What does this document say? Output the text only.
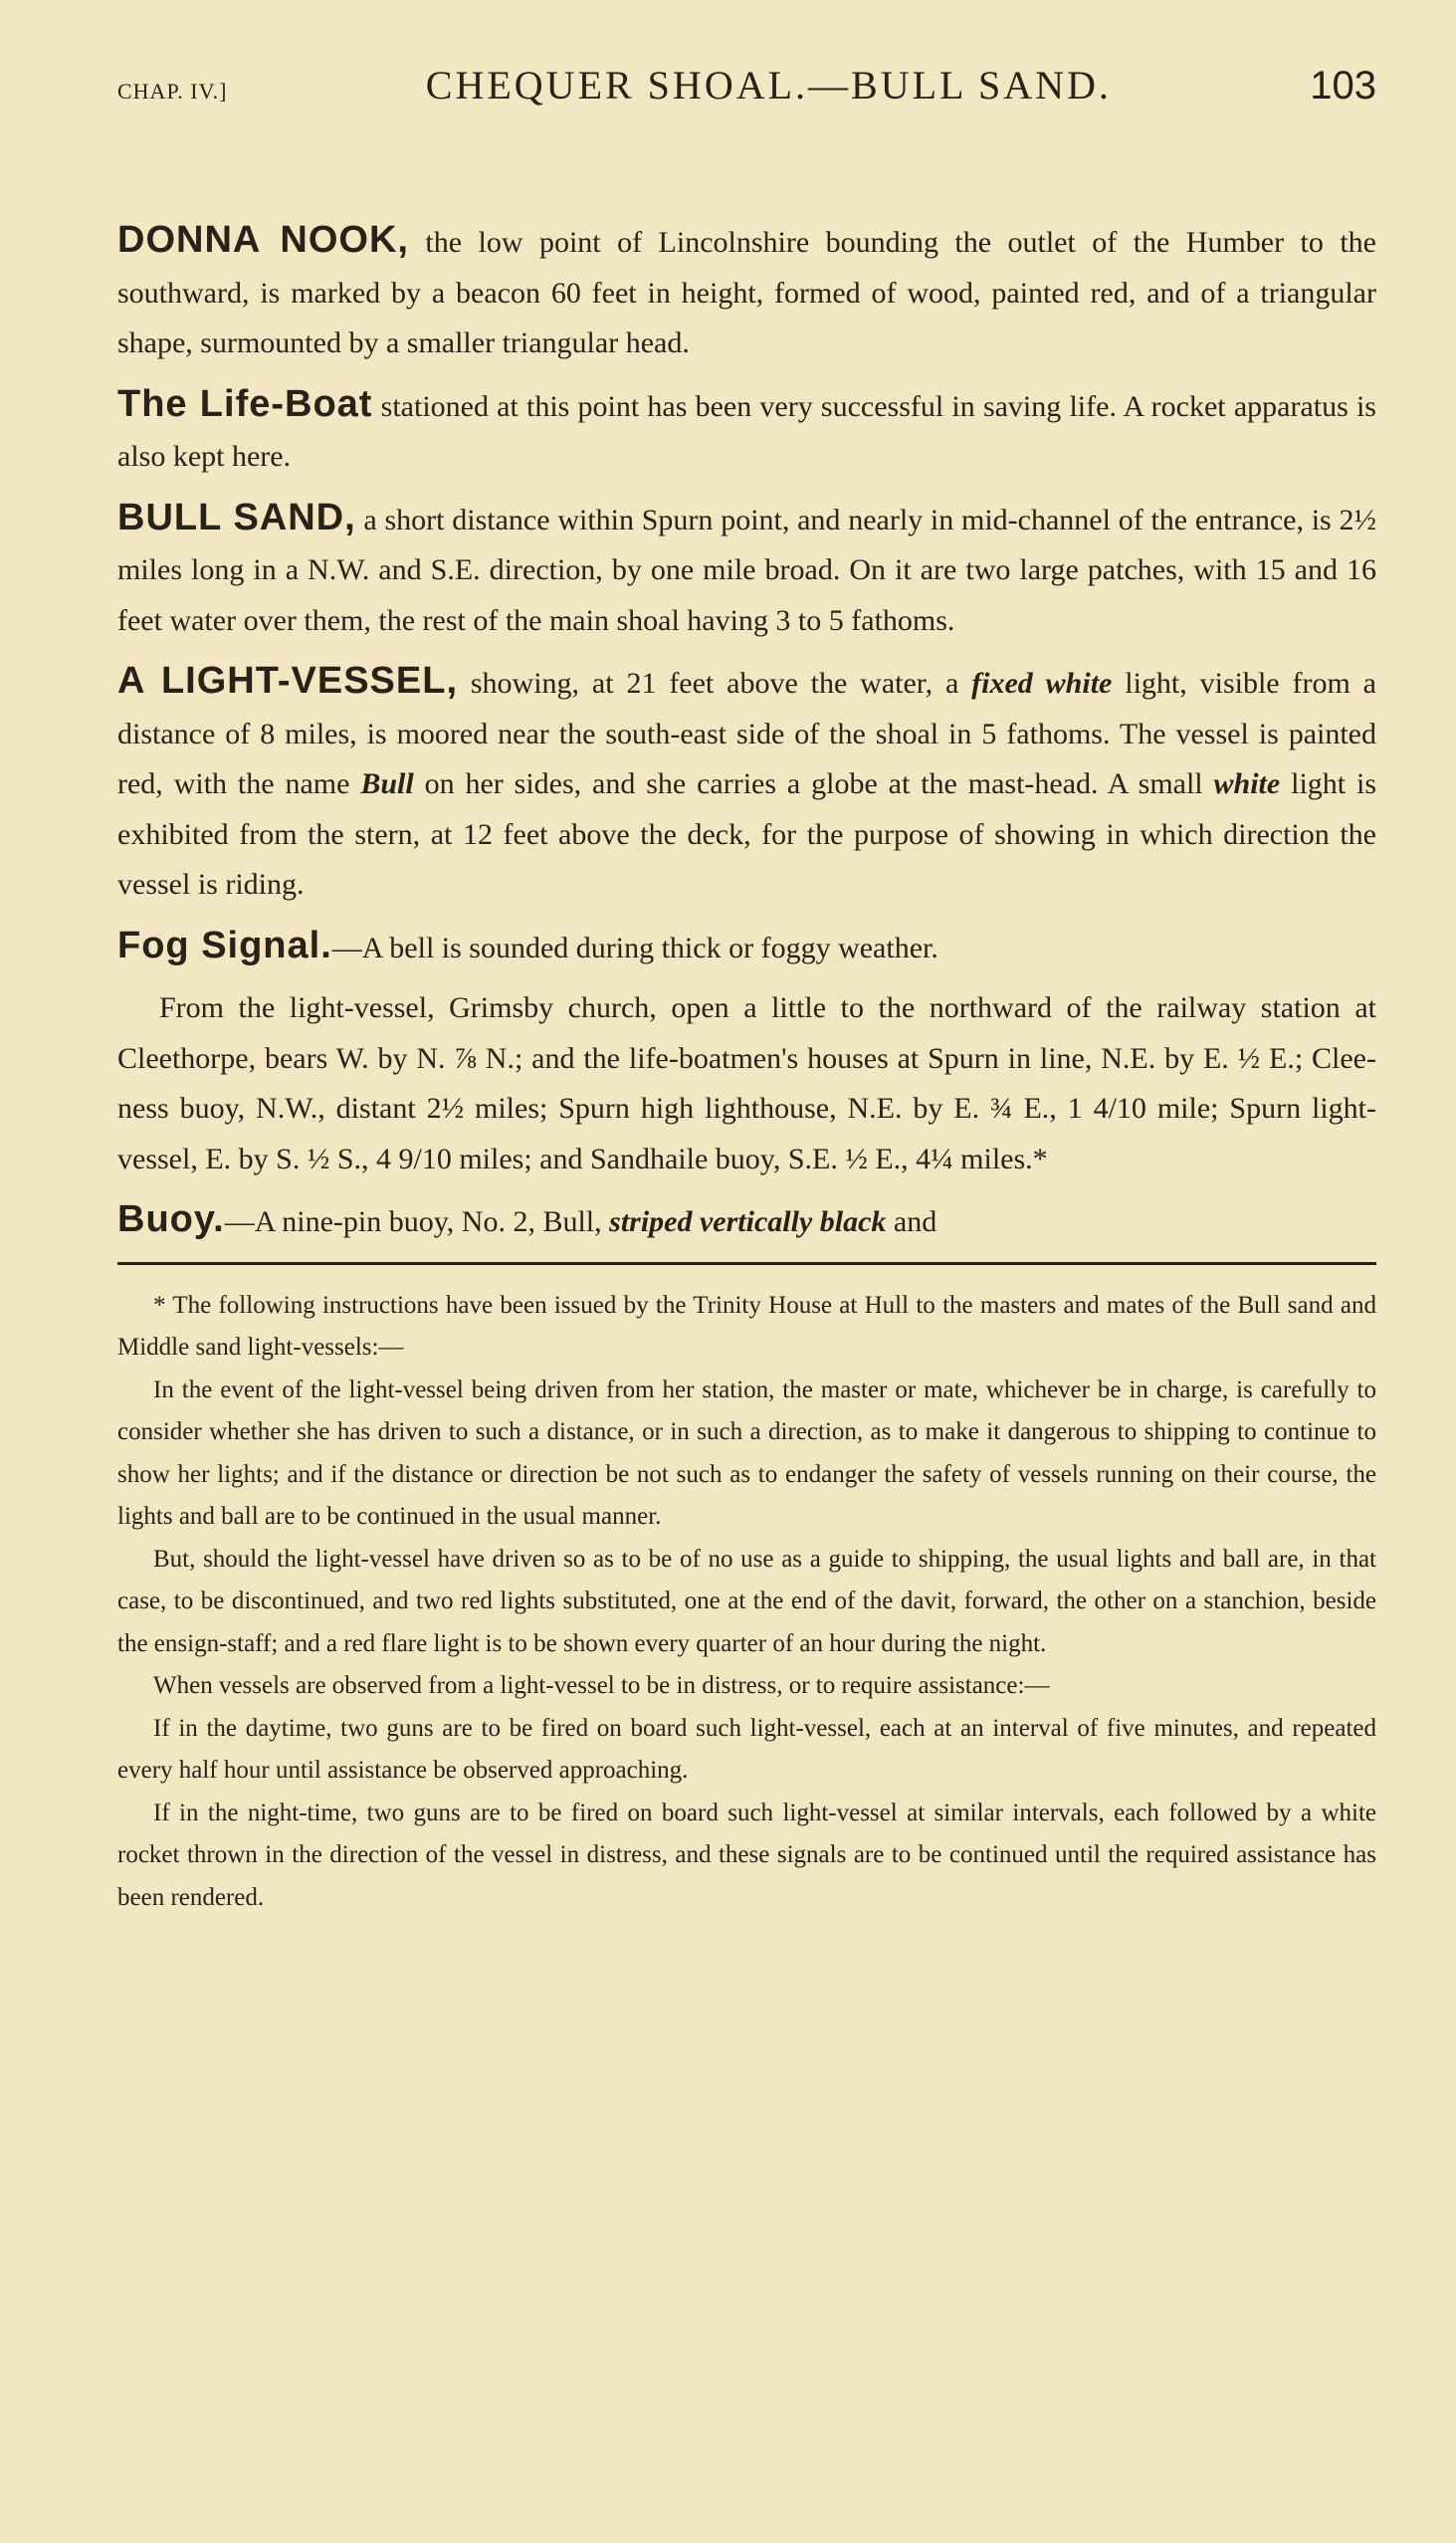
CHAP. IV.]	CHEQUER SHOAL.—BULL SAND.	103

DONNA NOOK, the low point of Lincolnshire bounding the outlet of the Humber to the southward, is marked by a beacon 60 feet in height, formed of wood, painted red, and of a triangular shape, surmounted by a smaller triangular head.

The Life-Boat stationed at this point has been very successful in saving life. A rocket apparatus is also kept here.

BULL SAND, a short distance within Spurn point, and nearly in mid-channel of the entrance, is 2½ miles long in a N.W. and S.E. direction, by one mile broad. On it are two large patches, with 15 and 16 feet water over them, the rest of the main shoal having 3 to 5 fathoms.

A LIGHT-VESSEL, showing, at 21 feet above the water, a fixed white light, visible from a distance of 8 miles, is moored near the south-east side of the shoal in 5 fathoms. The vessel is painted red, with the name Bull on her sides, and she carries a globe at the mast-head. A small white light is exhibited from the stern, at 12 feet above the deck, for the purpose of showing in which direction the vessel is riding.

Fog Signal.—A bell is sounded during thick or foggy weather.

From the light-vessel, Grimsby church, open a little to the northward of the railway station at Cleethorpe, bears W. by N. ⅞ N.; and the life-boatmen's houses at Spurn in line, N.E. by E. ½ E.; Clee-ness buoy, N.W., distant 2½ miles; Spurn high lighthouse, N.E. by E. ¾ E., 1 4/10 mile; Spurn light-vessel, E. by S. ½ S., 4 9/10 miles; and Sandhaile buoy, S.E. ½ E., 4¼ miles.*

Buoy.—A nine-pin buoy, No. 2, Bull, striped vertically black and

* The following instructions have been issued by the Trinity House at Hull to the masters and mates of the Bull sand and Middle sand light-vessels:—

In the event of the light-vessel being driven from her station, the master or mate, whichever be in charge, is carefully to consider whether she has driven to such a distance, or in such a direction, as to make it dangerous to shipping to continue to show her lights; and if the distance or direction be not such as to endanger the safety of vessels running on their course, the lights and ball are to be continued in the usual manner.

But, should the light-vessel have driven so as to be of no use as a guide to shipping, the usual lights and ball are, in that case, to be discontinued, and two red lights substituted, one at the end of the davit, forward, the other on a stanchion, beside the ensign-staff; and a red flare light is to be shown every quarter of an hour during the night.

When vessels are observed from a light-vessel to be in distress, or to require assistance:—

If in the daytime, two guns are to be fired on board such light-vessel, each at an interval of five minutes, and repeated every half hour until assistance be observed approaching.

If in the night-time, two guns are to be fired on board such light-vessel at similar intervals, each followed by a white rocket thrown in the direction of the vessel in distress, and these signals are to be continued until the required assistance has been rendered.
